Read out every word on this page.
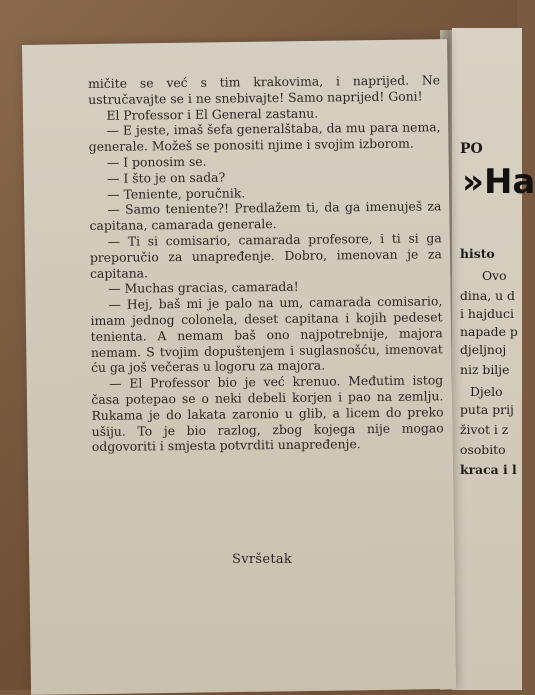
PO
»Ha
histo
Ovo
dina, u d
i hajduci
napade p
djeljnoj
niz bilje
Djelo
puta prij
život i z
osobito
kraca i l

mičite se već s tim krakovima, i naprijed. Ne ustručavajte se i ne snebivajte! Samo naprijed! Goni!

El Professor i El General zastanu.

— E jeste, imaš šefa generalštaba, da mu para nema, generale. Možeš se ponositi njime i svojim izborom.

— I ponosim se.

— I što je on sada?

— Teniente, poručnik.

— Samo teniente?! Predlažem ti, da ga imenuješ za capitana, camarada generale.

— Ti si comisario, camarada profesore, i ti si ga preporučio za unapređenje. Dobro, imenovan je za capitana.

— Muchas gracias, camarada!

— Hej, baš mi je palo na um, camarada comisario, imam jednog colonela, deset capitana i kojih pedeset tenienta. A nemam baš ono najpotrebnije, majora nemam. S tvojim dopuštenjem i suglasnošću, imenovat ću ga još večeras u logoru za majora.

— El Professor bio je već krenuo. Međutim istog časa potepao se o neki debeli korjen i pao na zemlju. Rukama je do lakata zaronio u glib, a licem do preko ušiju. To je bio razlog, zbog kojega nije mogao odgovoriti i smjesta potvrditi unapređenje.

Svršetak
